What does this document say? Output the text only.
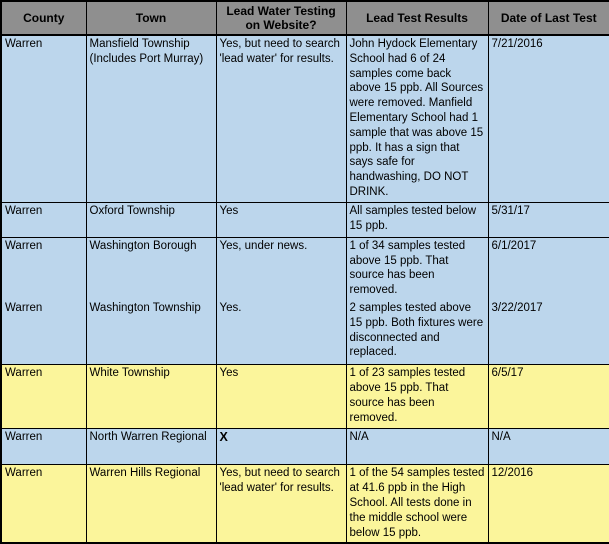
County	Town	Lead Water Testing on Website?	Lead Test Results	Date of Last Test
Warren	Mansfield Township (Includes Port Murray)	Yes, but need to search 'lead water' for results.	John Hydock Elementary School had 6 of 24 samples come back above 15 ppb. All Sources were removed. Manfield Elementary School had 1 sample that was above 15 ppb. It has a sign that says safe for handwashing, DO NOT DRINK.	7/21/2016
Warren	Oxford Township	Yes	All samples tested below 15 ppb.	5/31/17
Warren	Washington Borough	Yes, under news.	1 of 34 samples tested above 15 ppb. That source has been removed.	6/1/2017
Warren	Washington Township	Yes.	2 samples tested above 15 ppb. Both fixtures were disconnected and replaced.	3/22/2017
Warren	White Township	Yes	1 of 23 samples tested above 15 ppb. That source has been removed.	6/5/17
Warren	North Warren Regional	X	N/A	N/A
Warren	Warren Hills Regional	Yes, but need to search 'lead water' for results.	1 of the 54 samples tested at 41.6 ppb in the High School. All tests done in the middle school were below 15 ppb.	12/2016
